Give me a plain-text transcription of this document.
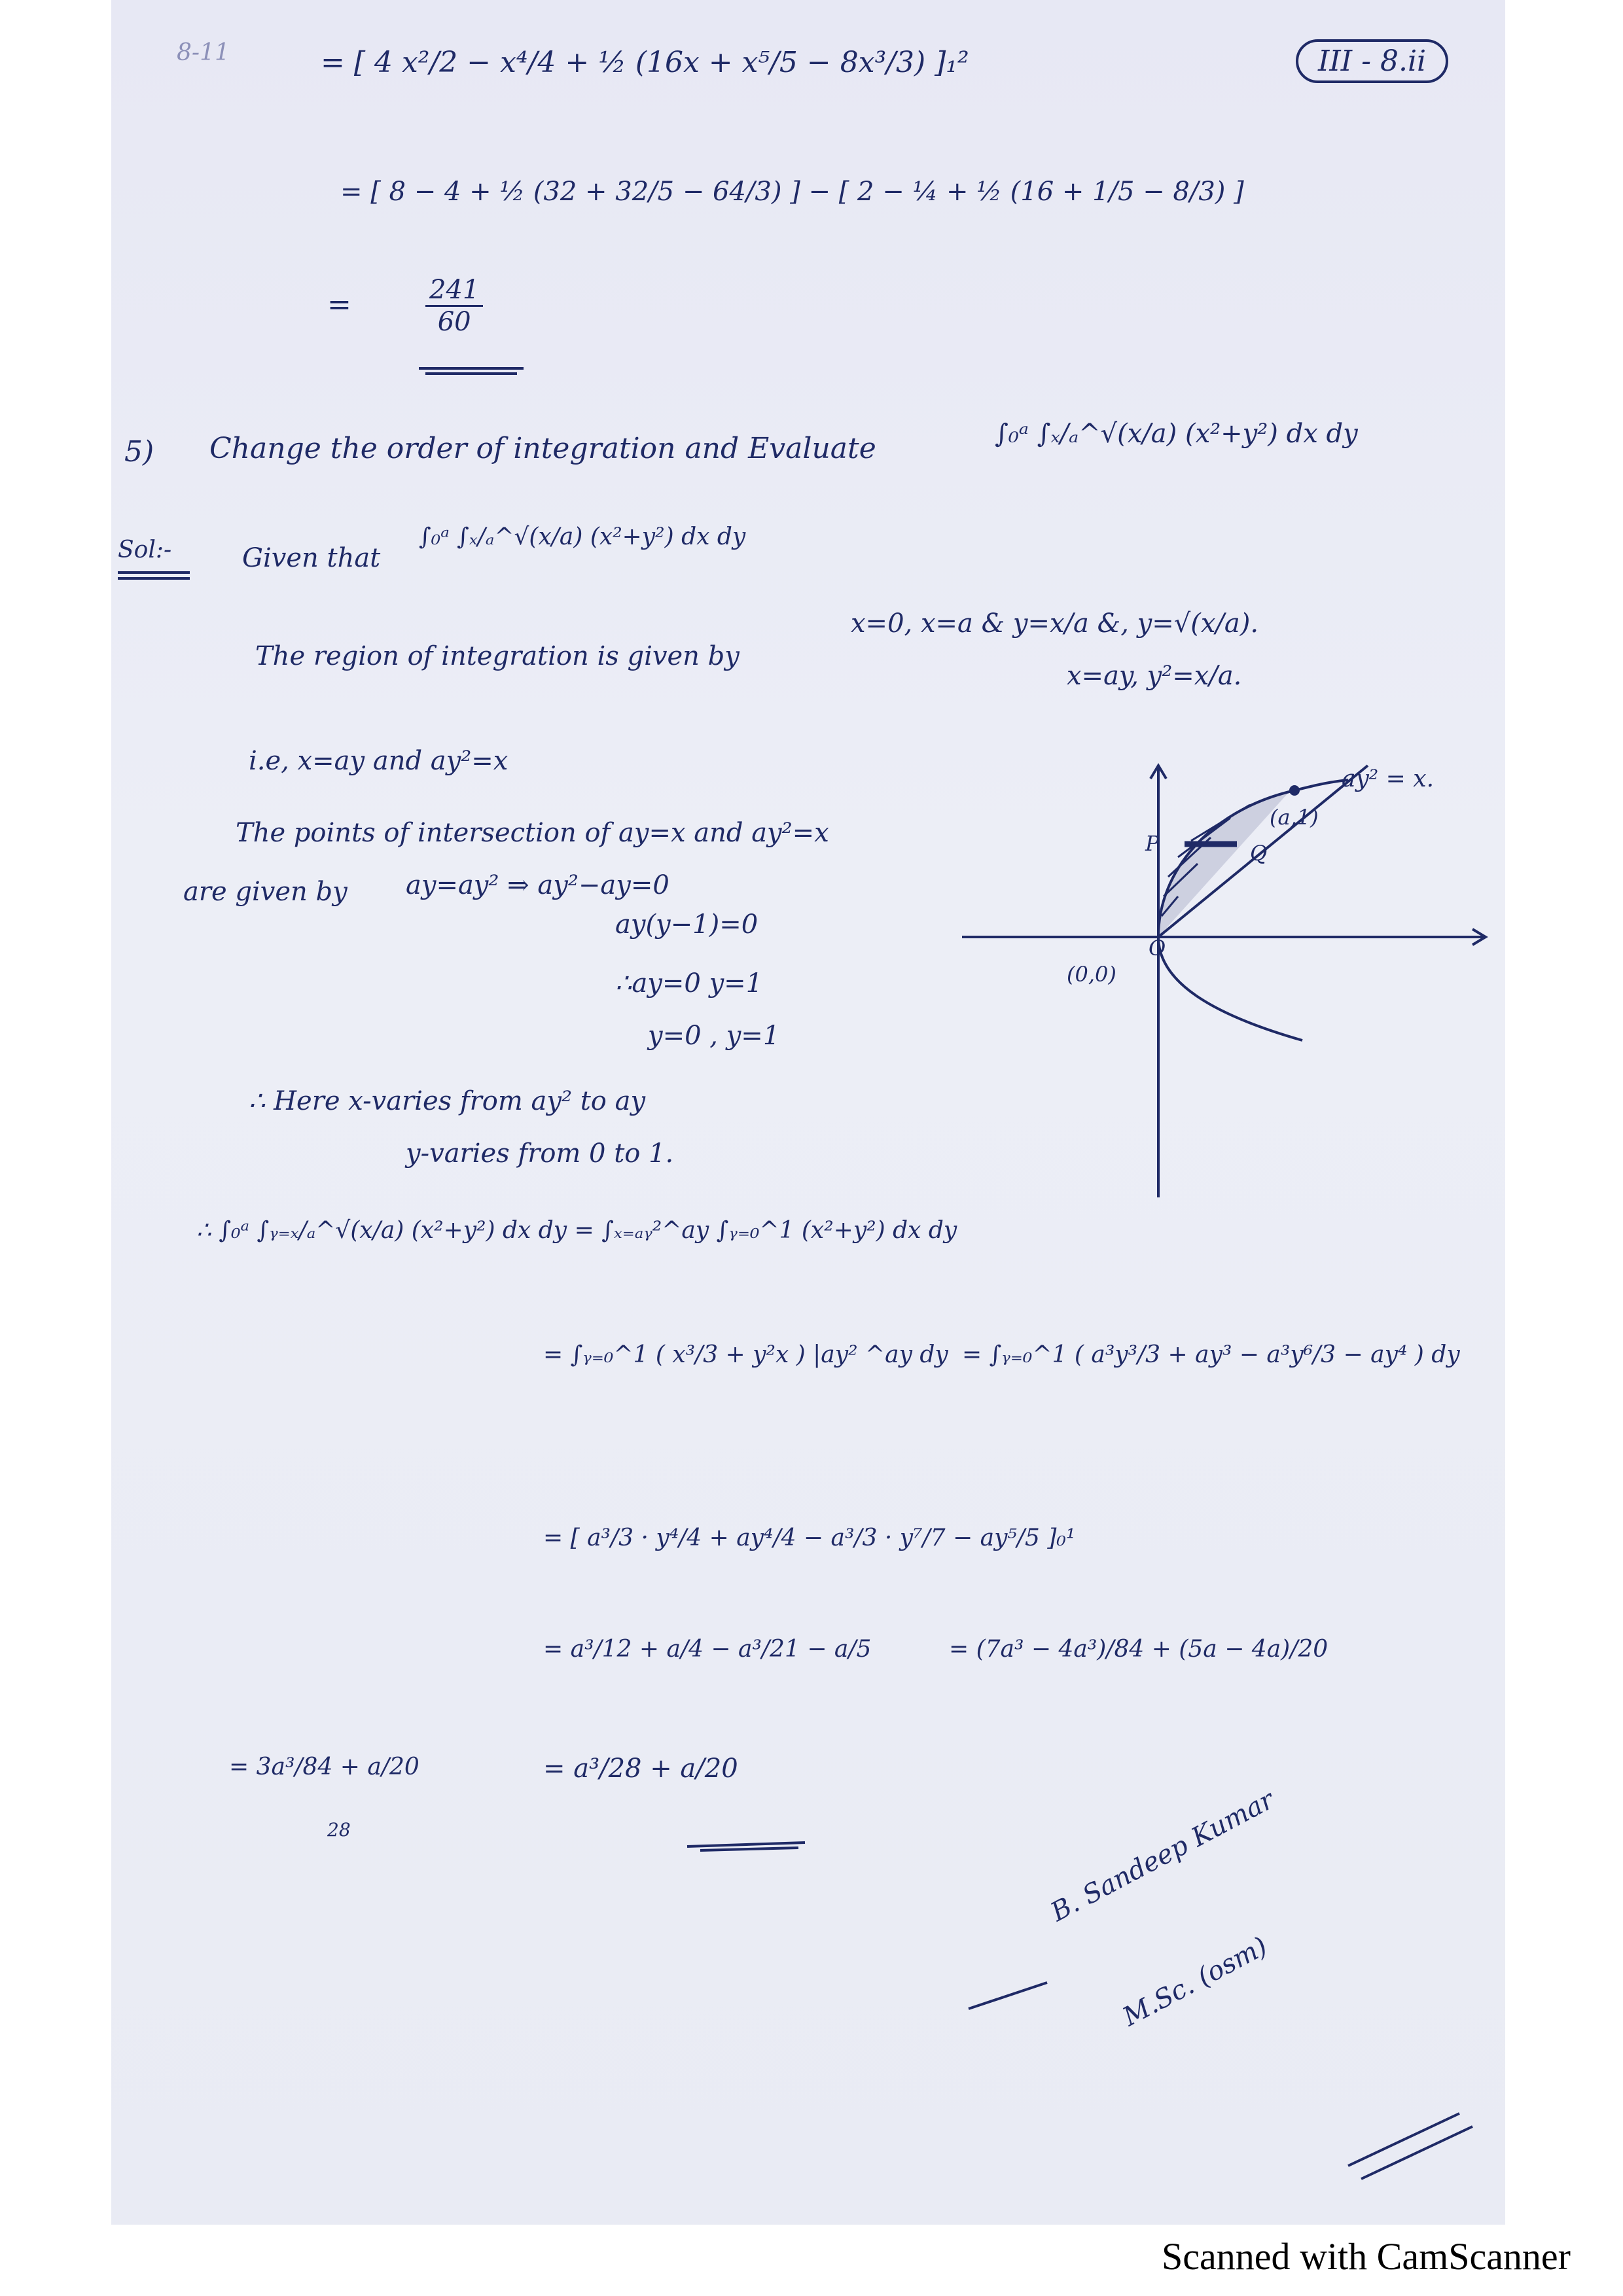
8-11	III - 8.ii
= [ 4 x²/2 − x⁴/4 + ½ (16x + x⁵/5 − 8x³/3) ]₁²
= [ 8 − 4 + ½ (32 + 32/5 − 64/3) ] − [ 2 − ¼ + ½ (16 + 1/5 − 8/3) ]
=	$\frac{241}{60}$
5) Change the order of integration and Evaluate	∫₀ᵃ ∫ₓ/ₐ^√(x/a) (x²+y²) dx dy
Sol:-	Given that
∫₀ᵃ ∫ₓ/ₐ^√(x/a) (x²+y²) dx dy
The region of integration is given by
x=0, x=a & y=x/a &, y=√(x/a).
x=ay, y²=x/a.
i.e, x=ay and ay²=x
The points of intersection of ay=x and ay²=x
are given by ay=ay² ⇒ ay²−ay=0
ay(y−1)=0
∴ay=0 y=1
y=0 , y=1
∴ Here x-varies from ay² to ay
y-varies from 0 to 1.
∴ ∫₀ᵃ ∫ᵧ₌ₓ/ₐ^√(x/a) (x²+y²) dx dy = ∫ₓ₌ₐᵧ²^ay ∫ᵧ₌₀^1 (x²+y²) dx dy
= ∫ᵧ₌₀^1 ( x³/3 + y²x ) |ay² ^ay dy = ∫ᵧ₌₀^1 ( a³y³/3 + ay³ − a³y⁶/3 − ay⁴ ) dy
= [ a³/3 · y⁴/4 + ay⁴/4 − a³/3 · y⁷/7 − ay⁵/5 ]₀¹
= a³/12 + a/4 − a³/21 − a/5	= (7a³ − 4a³)/84 + (5a − 4a)/20
= 3a³/84 + a/20
28
= a³/28 + a/20
ay² = x.
(a,1)
P	Q
O
(0,0)
B. Sandeep Kumar
M.Sc. (osm)
Scanned with CamScanner
